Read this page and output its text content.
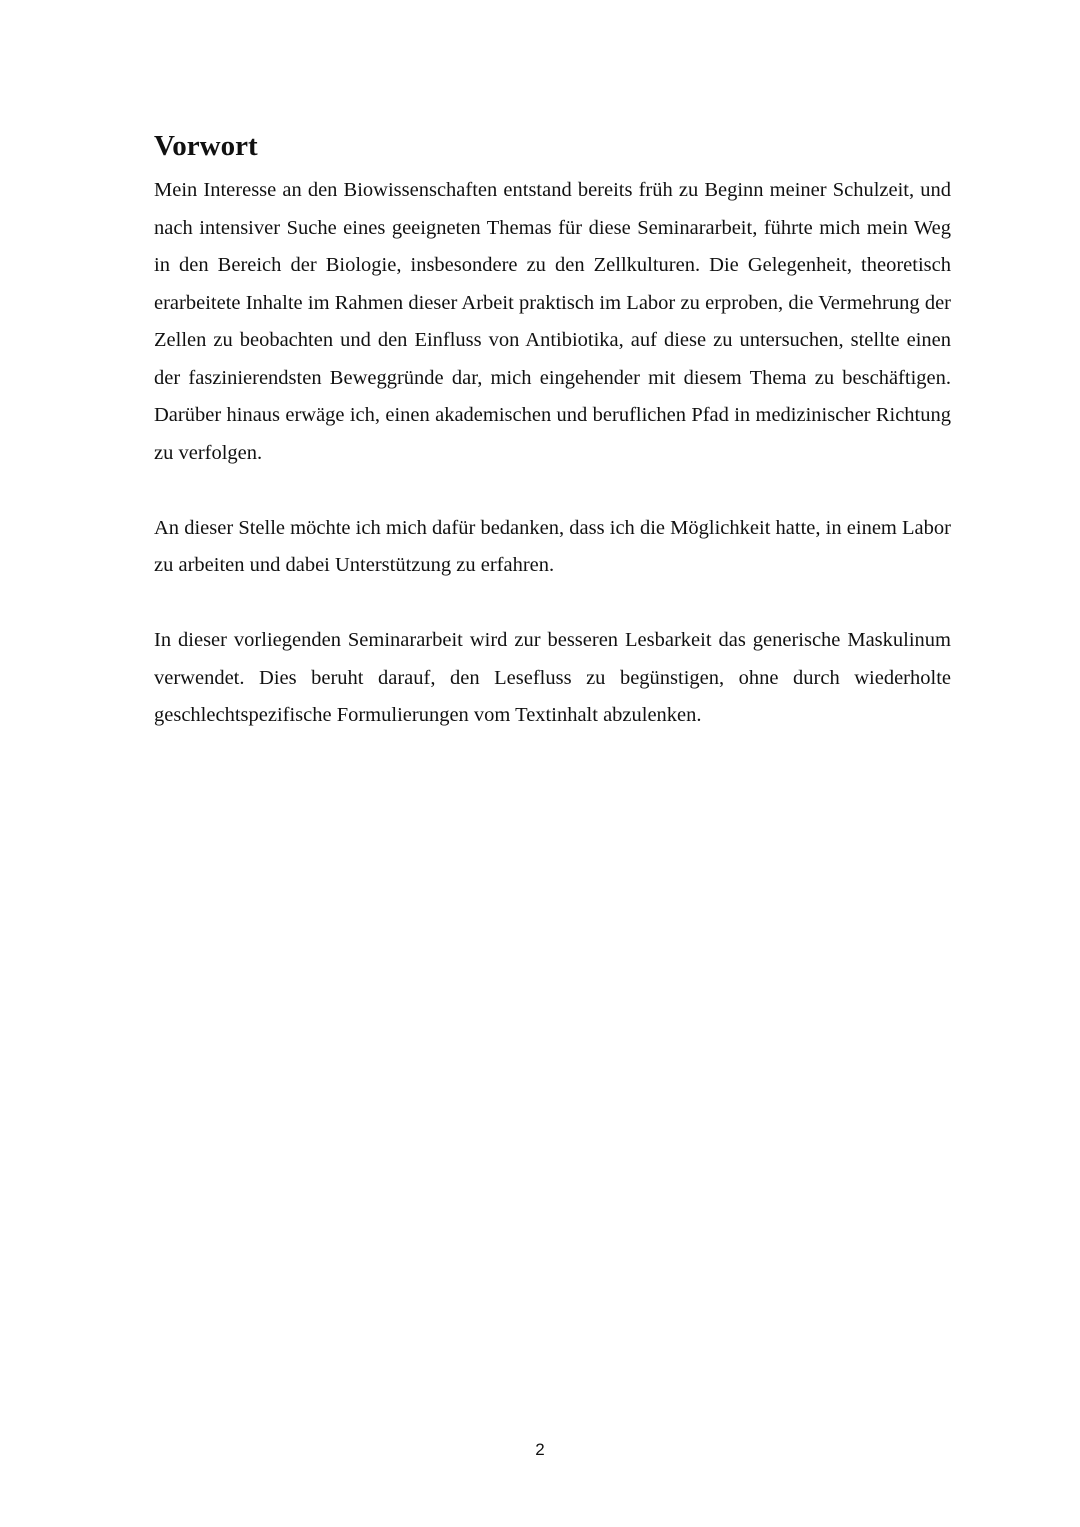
Vorwort

Mein Interesse an den Biowissenschaften entstand bereits früh zu Beginn meiner Schulzeit, und nach intensiver Suche eines geeigneten Themas für diese Seminararbeit, führte mich mein Weg in den Bereich der Biologie, insbesondere zu den Zellkulturen. Die Gelegenheit, theoretisch erarbeitete Inhalte im Rahmen dieser Arbeit praktisch im Labor zu erproben, die Vermehrung der Zellen zu beobachten und den Einfluss von Antibiotika, auf diese zu untersuchen, stellte einen der faszinierendsten Beweggründe dar, mich eingehender mit diesem Thema zu beschäftigen. Darüber hinaus erwäge ich, einen akademischen und beruflichen Pfad in medizinischer Richtung zu verfolgen.

An dieser Stelle möchte ich mich dafür bedanken, dass ich die Möglichkeit hatte, in einem Labor zu arbeiten und dabei Unterstützung zu erfahren.

In dieser vorliegenden Seminararbeit wird zur besseren Lesbarkeit das generische Maskulinum verwendet. Dies beruht darauf, den Lesefluss zu begünstigen, ohne durch wiederholte geschlechtspezifische Formulierungen vom Textinhalt abzulenken.

2
